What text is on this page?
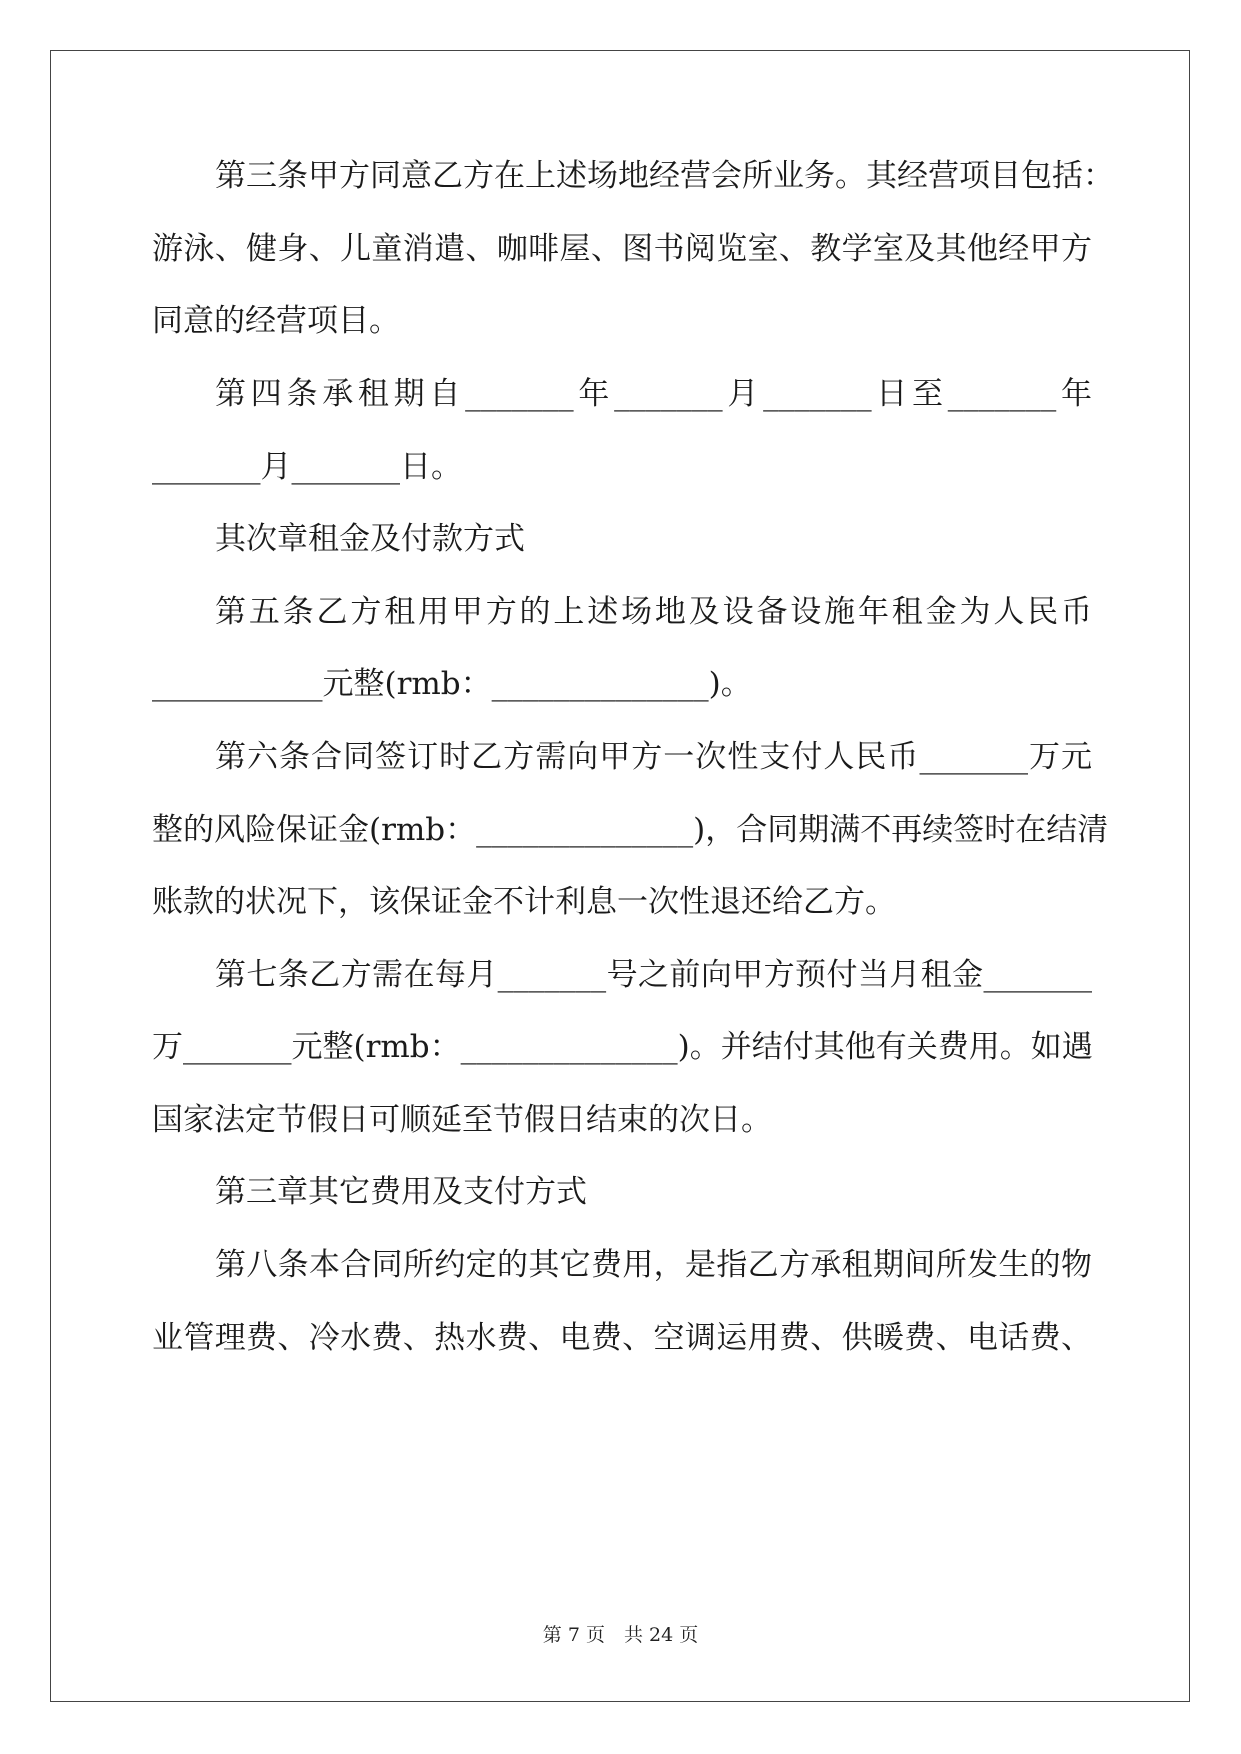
第三条甲方同意乙方在上述场地经营会所业务。其经营项目包括：
游泳、健身、儿童消遣、咖啡屋、图书阅览室、教学室及其他经甲方
同意的经营项目。
第四条承租期自_______年_______月_______日至_______年
_______月_______日。
其次章租金及付款方式
第五条乙方租用甲方的上述场地及设备设施年租金为人民币
___________元整(rmb：______________)。
第六条合同签订时乙方需向甲方一次性支付人民币_______万元
整的风险保证金(rmb：______________)，合同期满不再续签时在结清
账款的状况下，该保证金不计利息一次性退还给乙方。
第七条乙方需在每月_______号之前向甲方预付当月租金_______
万_______元整(rmb：______________)。并结付其他有关费用。如遇
国家法定节假日可顺延至节假日结束的次日。
第三章其它费用及支付方式
第八条本合同所约定的其它费用，是指乙方承租期间所发生的物
业管理费、冷水费、热水费、电费、空调运用费、供暖费、电话费、
第 7 页　共 24 页
